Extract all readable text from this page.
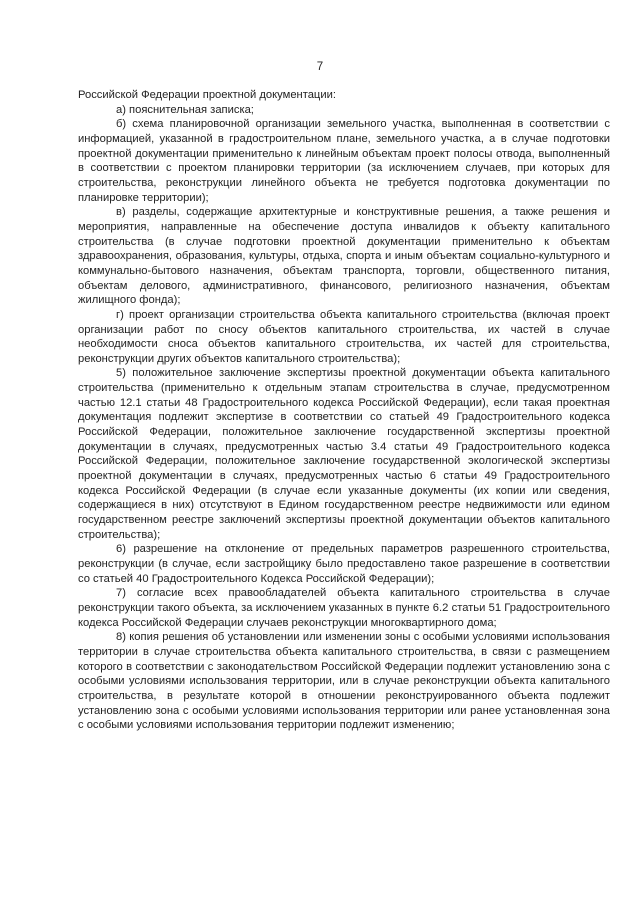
7

Российской Федерации проектной документации:

а) пояснительная записка;

б) схема планировочной организации земельного участка, выполненная в соответствии с информацией, указанной в градостроительном плане, земельного участка, а в случае подготовки проектной документации применительно к линейным объектам проект полосы отвода, выполненный в соответствии с проектом планировки территории (за исключением случаев, при которых для строительства, реконструкции линейного объекта не требуется подготовка документации по планировке территории);

в) разделы, содержащие архитектурные и конструктивные решения, а также решения и мероприятия, направленные на обеспечение доступа инвалидов к объекту капитального строительства (в случае подготовки проектной документации применительно к объектам здравоохранения, образования, культуры, отдыха, спорта и иным объектам социально-культурного и коммунально-бытового назначения, объектам транспорта, торговли, общественного питания, объектам делового, административного, финансового, религиозного назначения, объектам жилищного фонда);

г) проект организации строительства объекта капитального строительства (включая проект организации работ по сносу объектов капитального строительства, их частей в случае необходимости сноса объектов капитального строительства, их частей для строительства, реконструкции других объектов капитального строительства);

5) положительное заключение экспертизы проектной документации объекта капитального строительства (применительно к отдельным этапам строительства в случае, предусмотренном частью 12.1 статьи 48 Градостроительного кодекса Российской Федерации), если такая проектная документация подлежит экспертизе в соответствии со статьей 49 Градостроительного кодекса Российской Федерации, положительное заключение государственной экспертизы проектной документации в случаях, предусмотренных частью 3.4 статьи 49 Градостроительного кодекса Российской Федерации, положительное заключение государственной экологической экспертизы проектной документации в случаях, предусмотренных частью 6 статьи 49 Градостроительного кодекса Российской Федерации (в случае если указанные документы (их копии или сведения, содержащиеся в них) отсутствуют в Едином государственном реестре недвижимости или едином государственном реестре заключений экспертизы проектной документации объектов капитального строительства);

6) разрешение на отклонение от предельных параметров разрешенного строительства, реконструкции (в случае, если застройщику было предоставлено такое разрешение в соответствии со статьей 40 Градостроительного Кодекса Российской Федерации);

7) согласие всех правообладателей объекта капитального строительства в случае реконструкции такого объекта, за исключением указанных в пункте 6.2 статьи 51 Градостроительного кодекса Российской Федерации случаев реконструкции многоквартирного дома;

8) копия решения об установлении или изменении зоны с особыми условиями использования территории в случае строительства объекта капитального строительства, в связи с размещением которого в соответствии с законодательством Российской Федерации подлежит установлению зона с особыми условиями использования территории, или в случае реконструкции объекта капитального строительства, в результате которой в отношении реконструированного объекта подлежит установлению зона с особыми условиями использования территории или ранее установленная зона с особыми условиями использования территории подлежит изменению;
